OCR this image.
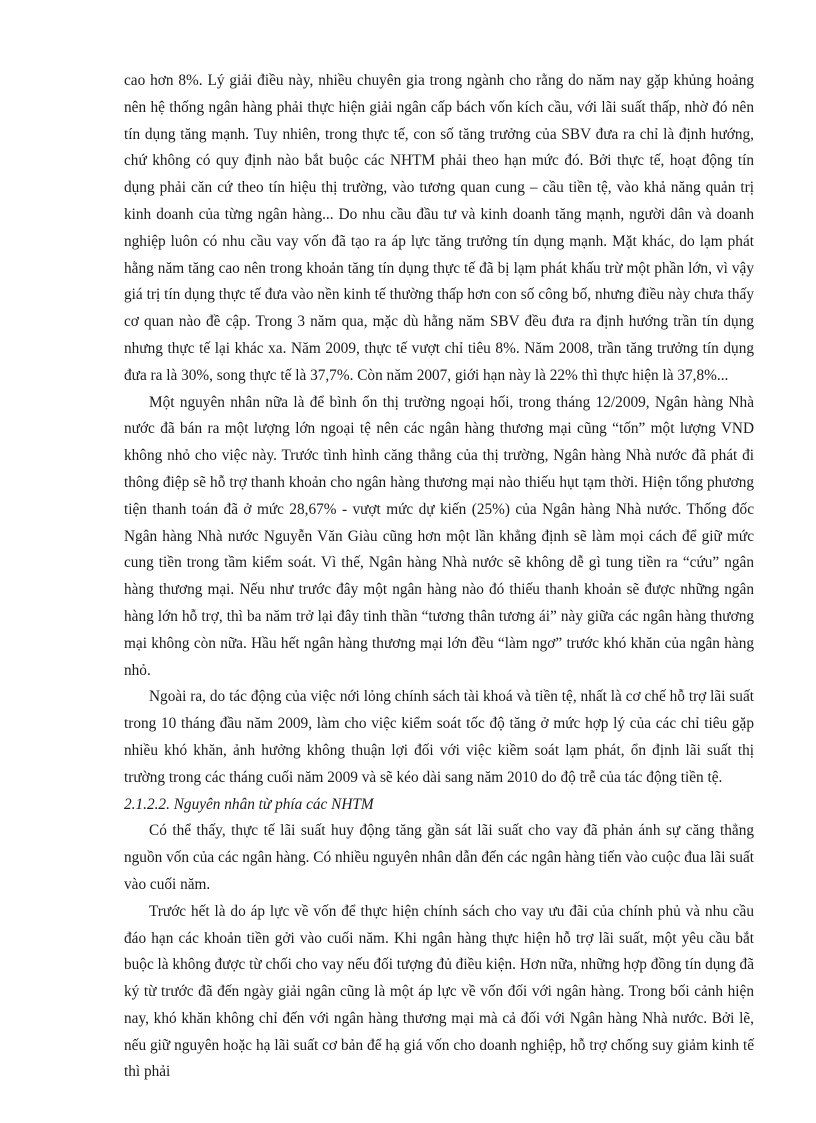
cao hơn 8%. Lý giải điều này, nhiều chuyên gia trong ngành cho rằng do năm nay gặp khủng hoảng nên hệ thống ngân hàng phải thực hiện giải ngân cấp bách vốn kích cầu, với lãi suất thấp, nhờ đó nên tín dụng tăng mạnh. Tuy nhiên, trong thực tế, con số tăng trưởng của SBV đưa ra chỉ là định hướng, chứ không có quy định nào bắt buộc các NHTM phải theo hạn mức đó. Bởi thực tế, hoạt động tín dụng phải căn cứ theo tín hiệu thị trường, vào tương quan cung – cầu tiền tệ, vào khả năng quản trị kinh doanh của từng ngân hàng... Do nhu cầu đầu tư và kinh doanh tăng mạnh, người dân và doanh nghiệp luôn có nhu cầu vay vốn đã tạo ra áp lực tăng trưởng tín dụng mạnh. Mặt khác, do lạm phát hằng năm tăng cao nên trong khoản tăng tín dụng thực tế đã bị lạm phát khấu trừ một phần lớn, vì vậy giá trị tín dụng thực tế đưa vào nền kinh tế thường thấp hơn con số công bố, nhưng điều này chưa thấy cơ quan nào đề cập. Trong 3 năm qua, mặc dù hằng năm SBV đều đưa ra định hướng trần tín dụng nhưng thực tế lại khác xa. Năm 2009, thực tế vượt chỉ tiêu 8%. Năm 2008, trần tăng trưởng tín dụng đưa ra là 30%, song thực tế là 37,7%. Còn năm 2007, giới hạn này là 22% thì thực hiện là 37,8%...

Một nguyên nhân nữa là để bình ổn thị trường ngoại hối, trong tháng 12/2009, Ngân hàng Nhà nước đã bán ra một lượng lớn ngoại tệ nên các ngân hàng thương mại cũng “tốn” một lượng VND không nhỏ cho việc này. Trước tình hình căng thẳng của thị trường, Ngân hàng Nhà nước đã phát đi thông điệp sẽ hỗ trợ thanh khoản cho ngân hàng thương mại nào thiếu hụt tạm thời. Hiện tổng phương tiện thanh toán đã ở mức 28,67% - vượt mức dự kiến (25%) của Ngân hàng Nhà nước. Thống đốc Ngân hàng Nhà nước Nguyễn Văn Giàu cũng hơn một lần khẳng định sẽ làm mọi cách để giữ mức cung tiền trong tầm kiểm soát. Vì thế, Ngân hàng Nhà nước sẽ không dễ gì tung tiền ra “cứu” ngân hàng thương mại. Nếu như trước đây một ngân hàng nào đó thiếu thanh khoản sẽ được những ngân hàng lớn hỗ trợ, thì ba năm trở lại đây tinh thần “tương thân tương ái” này giữa các ngân hàng thương mại không còn nữa. Hầu hết ngân hàng thương mại lớn đều “làm ngơ” trước khó khăn của ngân hàng nhỏ.

Ngoài ra, do tác động của việc nới lỏng chính sách tài khoá và tiền tệ, nhất là cơ chế hỗ trợ lãi suất trong 10 tháng đầu năm 2009, làm cho việc kiểm soát tốc độ tăng ở mức hợp lý của các chỉ tiêu gặp nhiều khó khăn, ảnh hưởng không thuận lợi đối với việc kiềm soát lạm phát, ổn định lãi suất thị trường trong các tháng cuối năm 2009 và sẽ kéo dài sang năm 2010 do độ trễ của tác động tiền tệ.

2.1.2.2. Nguyên nhân từ phía các NHTM

Có thể thấy, thực tế lãi suất huy động tăng gần sát lãi suất cho vay đã phản ánh sự căng thẳng nguồn vốn của các ngân hàng. Có nhiều nguyên nhân dẫn đến các ngân hàng tiến vào cuộc đua lãi suất vào cuối năm.

Trước hết là do áp lực về vốn để thực hiện chính sách cho vay ưu đãi của chính phủ và nhu cầu đáo hạn các khoản tiền gởi vào cuối năm. Khi ngân hàng thực hiện hỗ trợ lãi suất, một yêu cầu bắt buộc là không được từ chối cho vay nếu đối tượng đủ điều kiện. Hơn nữa, những hợp đồng tín dụng đã ký từ trước đã đến ngày giải ngân cũng là một áp lực về vốn đối với ngân hàng. Trong bối cảnh hiện nay, khó khăn không chỉ đến với ngân hàng thương mại mà cả đối với Ngân hàng Nhà nước. Bởi lẽ, nếu giữ nguyên hoặc hạ lãi suất cơ bản để hạ giá vốn cho doanh nghiệp, hỗ trợ chống suy giảm kinh tế thì phải
